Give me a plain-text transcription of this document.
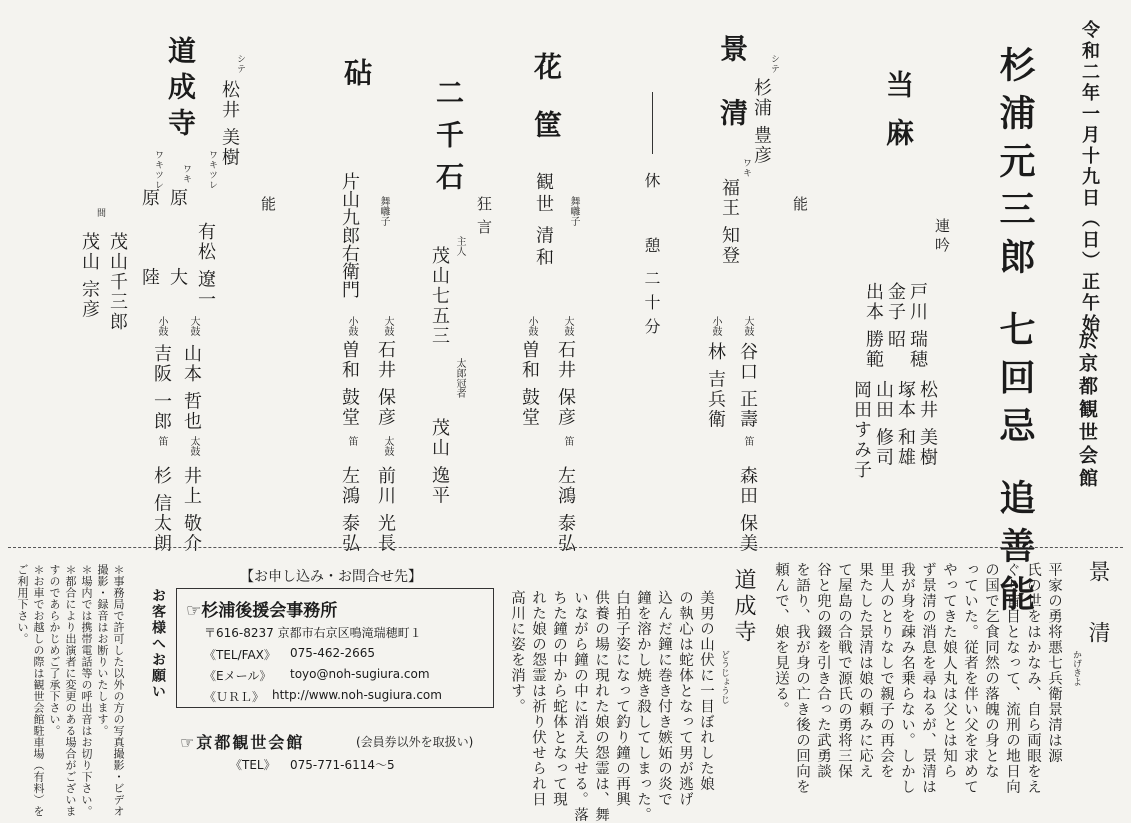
令和二年一月十九日（日）正午始
杉浦元三郎 七回忌 追善能 於京都観世会館
当麻
連吟
戸川 瑞穂
金子 昭
出本 勝範
松井 美樹
塚本 和雄
山田 修司
岡田すみ子
景清
能
シテ
杉浦 豊彦
ワキ
福王 知登
大鼓
谷口 正壽
小鼓
林 吉兵衛
笛
森田 保美
休 憩
二十分
花筐
舞囃子
観世 清和
大鼓
石井 保彦
小鼓
曽和 鼓堂
笛
左鴻 泰弘
二千石
狂言
主人
茂山七五三
太郎冠者
茂山 逸平
砧
舞囃子
片山九郎右衛門
大鼓
石井 保彦
小鼓
曽和 鼓堂
太鼓
前川 光長
笛
左鴻 泰弘
道成寺
能
シテ
松井 美樹
ワキツレ
有松 遼一
ワキ
原 大
ワキツレ
原 陸
間
茂山千三郎
茂山 宗彦
大鼓
山本 哲也
小鼓
吉阪 一郎
太鼓
井上 敬介
笛
杉 信太朗
景 清
かげきよ
平家の勇将悪七兵衛景清は源
氏の世をはかなみ、自ら両眼をえ
ぐり盲目となって、流刑の地日向
の国で乞食同然の落魄の身とな
っていた。従者を伴い父を求めて
やってきた娘人丸は父とは知ら
ず景清の消息を尋ねるが、景清は
我が身を疎み名乗らない。しかし
里人のとりなしで親子の再会を
果たした景清は娘の頼みに応え
て屋島の合戦で源氏の勇将三保
谷と兜の錣を引き合った武勇談
を語り、我が身の亡き後の回向を
頼んで、娘を見送る。
道成寺
どうじょうじ
美男の山伏に一目ぼれした娘
の執心は蛇体となって男が逃げ
込んだ鐘に巻き付き嫉妬の炎で
鐘を溶かし焼き殺してしまった。
白拍子姿になって釣り鐘の再興
供養の場に現れた娘の怨霊は、舞
いながら鐘の中に消え失せる。落
ちた鐘の中から蛇体となって現
れた娘の怨霊は祈り伏せられ日
高川に姿を消す。
【お申し込み・お問合せ先】
☞杉浦後援会事務所
〒616-8237 京都市右京区鳴滝瑞穂町１
《TEL/FAX》 075-462-2665
《Eメール》 toyo@noh-sugiura.com
《ＵＲＬ》 http://www.noh-sugiura.com
☞京都観世会館	(会員券以外を取扱い)
《TEL》 075-771-6114～5
お客様へお願い
＊事務局で許可した以外の方の写真撮影・ビデオ
撮影・録音はお断りいたします。
＊場内では携帯電話等の呼出音はお切り下さい。
＊都合により出演者に変更のある場合がございま
すのであらかじめご了承下さい。
＊お車でお越しの際は観世会館駐車場（有料）を
ご利用下さい。
